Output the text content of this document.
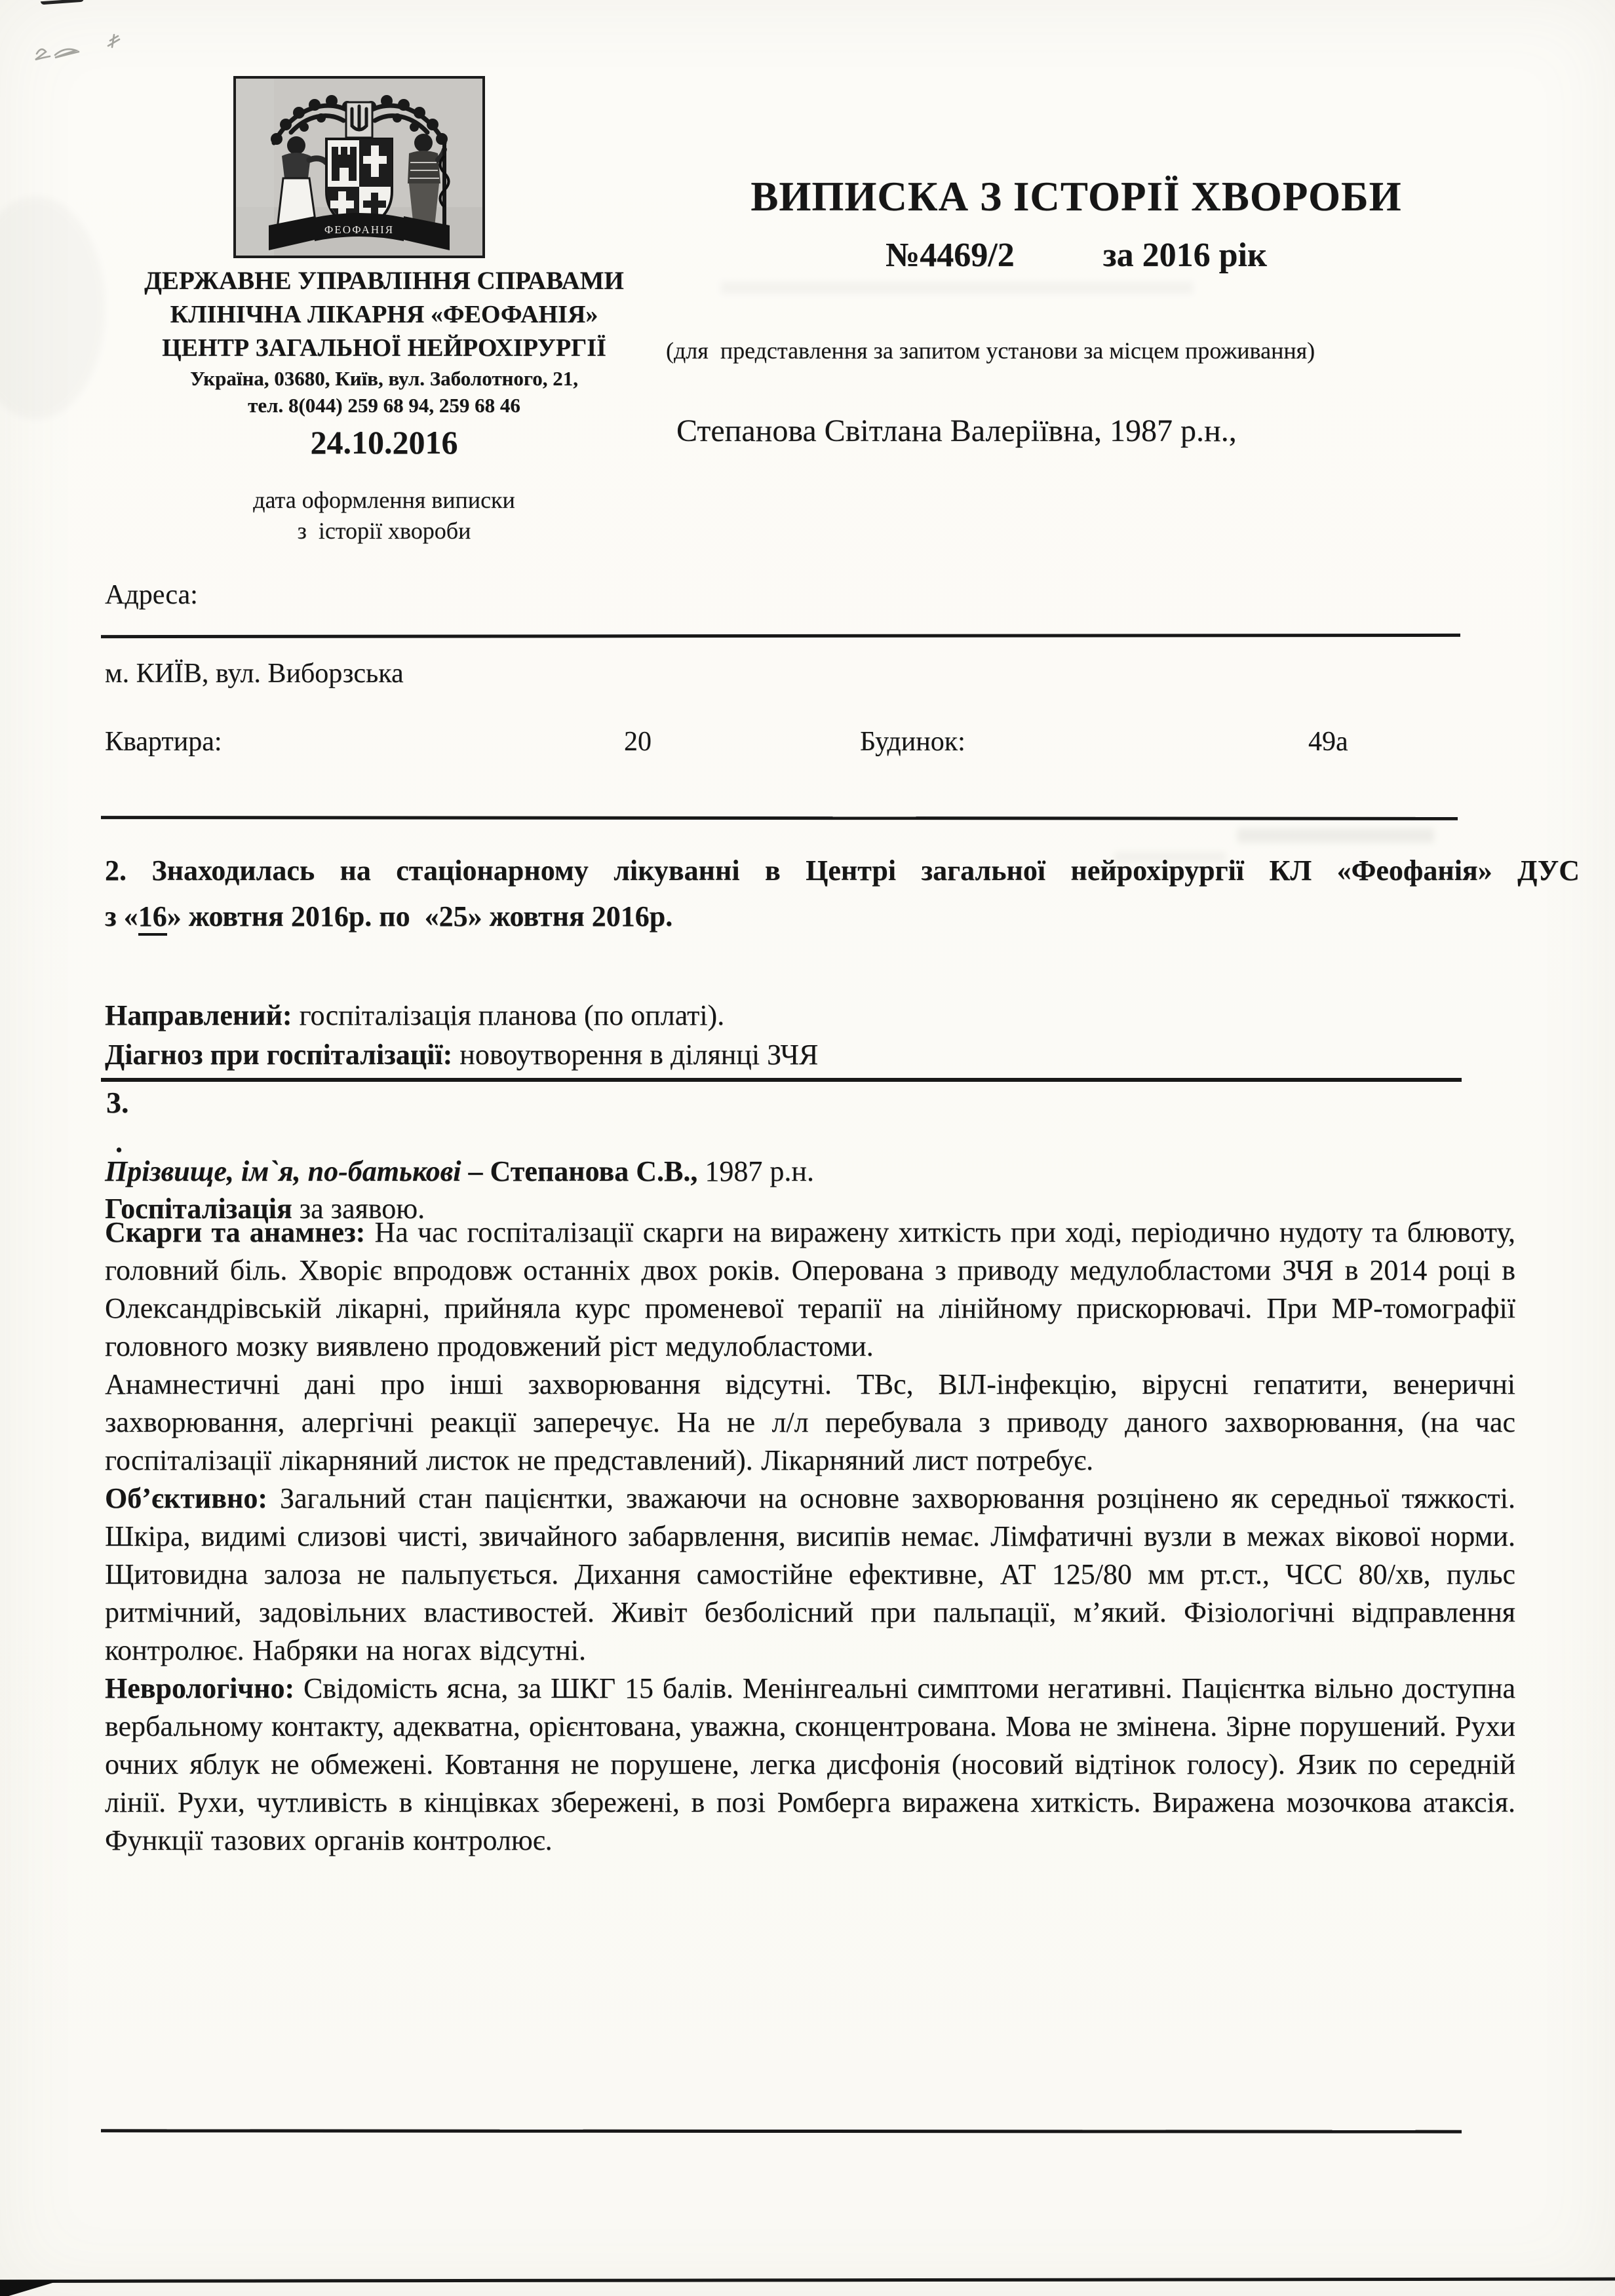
ФЕОФАНІЯ
ДЕРЖАВНЕ УПРАВЛІННЯ СПРАВАМИ
КЛІНІЧНА ЛІКАРНЯ «ФЕОФАНІЯ»
ЦЕНТР ЗАГАЛЬНОЇ НЕЙРОХІРУРГІЇ
Україна, 03680, Київ, вул. Заболотного, 21,
тел. 8(044) 259 68 94, 259 68 46
24.10.2016
дата оформлення виписки
з  історії хвороби
ВИПИСКА З ІСТОРІЇ ХВОРОБИ
№4469/2	за 2016 рік
(для  представлення за запитом установи за місцем проживання)
Степанова Світлана Валеріївна, 1987 р.н.,
Адреса:
м. КИЇВ, вул. Виборзська
Квартира:	20	Будинок:	49а
2. Знаходилась на стаціонарному лікуванні в Центрі загальної нейрохірургії КЛ «Феофанія» ДУС
з «16» жовтня 2016р. по  «25» жовтня 2016р.
Направлений: госпіталізація планова (по оплаті).
Діагноз при госпіталізації: новоутворення в ділянці ЗЧЯ
3.
.
Прізвище, ім`я, по-батькові – Степанова С.В., 1987 р.н.
Госпіталізація за заявою.

Скарги та анамнез: На час госпіталізації скарги на виражену хиткість при ході, періодично нудоту та блювоту, головний біль. Хворіє впродовж останніх двох років. Оперована з приводу медулобластоми ЗЧЯ в 2014 році в Олександрівській лікарні, прийняла курс променевої терапії на лінійному прискорювачі. При МР-томографії головного мозку виявлено продовжений ріст медулобластоми.

Анамнестичні дані про інші захворювання відсутні. ТВс, ВІЛ-інфекцію, вірусні гепатити, венеричні захворювання, алергічні реакції заперечує. На не л/л перебувала з приводу даного захворювання, (на час госпіталізації лікарняний листок не представлений). Лікарняний лист потребує.

Об’єктивно: Загальний стан пацієнтки, зважаючи на основне захворювання розцінено як середньої тяжкості. Шкіра, видимі слизові чисті, звичайного забарвлення, висипів немає. Лімфатичні вузли в межах вікової норми. Щитовидна залоза не пальпується. Дихання самостійне ефективне, АТ 125/80 мм рт.ст., ЧСС 80/хв, пульс ритмічний, задовільних властивостей. Живіт безболісний при пальпації, м’який. Фізіологічні відправлення контролює. Набряки на ногах відсутні.

Неврологічно: Свідомість ясна, за ШКГ 15 балів. Менінгеальні симптоми негативні. Пацієнтка вільно доступна вербальному контакту, адекватна, орієнтована, уважна, сконцентрована. Мова не змінена. Зірне порушений. Рухи очних яблук не обмежені. Ковтання не порушене, легка дисфонія (носовий відтінок голосу). Язик по середній лінії. Рухи, чутливість в кінцівках збережені, в позі Ромберга виражена хиткість. Виражена мозочкова атаксія. Функції тазових органів контролює.
